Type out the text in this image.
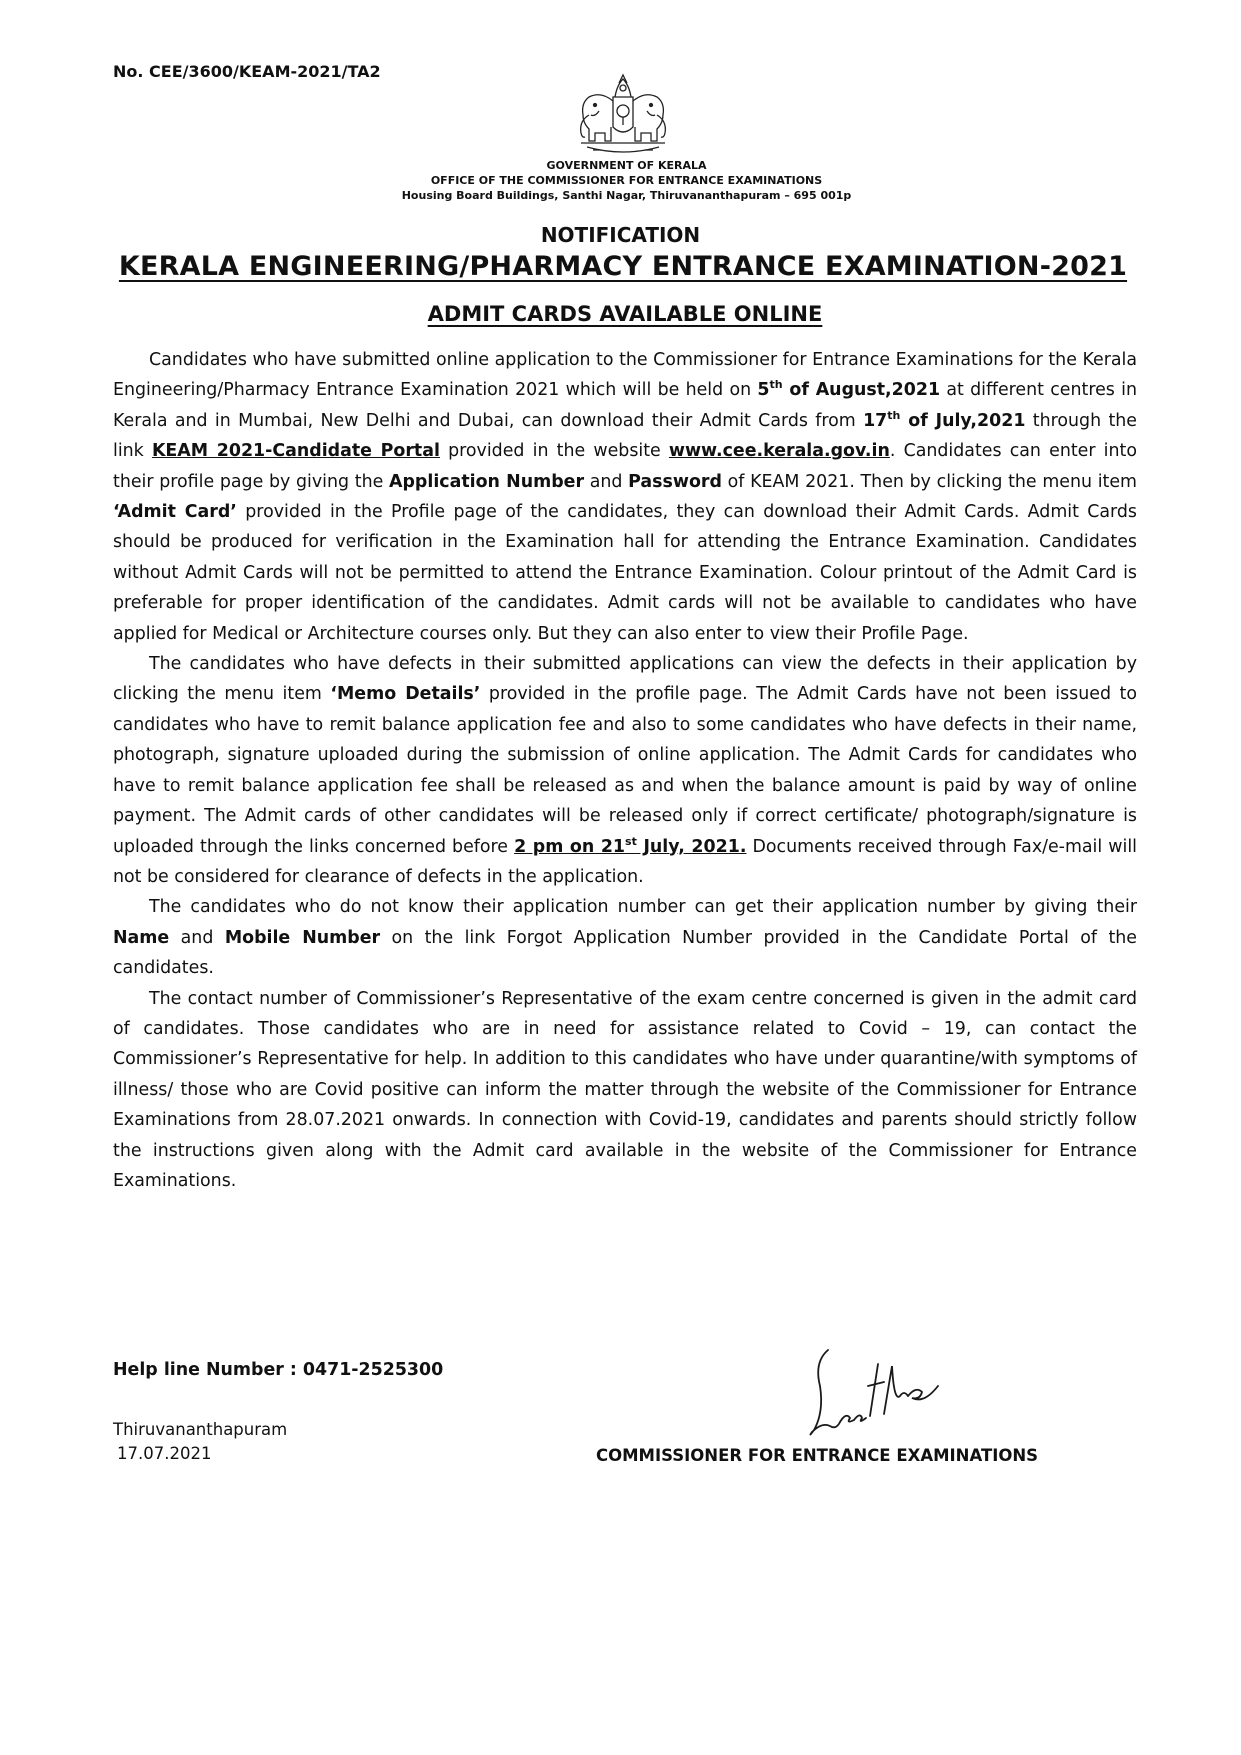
No. CEE/3600/KEAM-2021/TA2
GOVERNMENT OF KERALA
OFFICE OF THE COMMISSIONER FOR ENTRANCE EXAMINATIONS
Housing Board Buildings, Santhi Nagar, Thiruvananthapuram – 695 001p
NOTIFICATION
KERALA ENGINEERING/PHARMACY ENTRANCE EXAMINATION-2021
ADMIT CARDS AVAILABLE ONLINE

Candidates who have submitted online application to the Commissioner for Entrance Examinations for the Kerala Engineering/Pharmacy Entrance Examination 2021 which will be held on 5th of August,2021 at different centres in Kerala and in Mumbai, New Delhi and Dubai, can download their Admit Cards from 17th of July,2021 through the link KEAM 2021-Candidate Portal provided in the website www.cee.kerala.gov.in. Candidates can enter into their profile page by giving the Application Number and Password of KEAM 2021. Then by clicking the menu item ‘Admit Card’ provided in the Profile page of the candidates, they can download their Admit Cards. Admit Cards should be produced for verification in the Examination hall for attending the Entrance Examination. Candidates without Admit Cards will not be permitted to attend the Entrance Examination. Colour printout of the Admit Card is preferable for proper identification of the candidates. Admit cards will not be available to candidates who have applied for Medical or Architecture courses only. But they can also enter to view their Profile Page.

The candidates who have defects in their submitted applications can view the defects in their application by clicking the menu item ‘Memo Details’ provided in the profile page. The Admit Cards have not been issued to candidates who have to remit balance application fee and also to some candidates who have defects in their name, photograph, signature uploaded during the submission of online application. The Admit Cards for candidates who have to remit balance application fee shall be released as and when the balance amount is paid by way of online payment. The Admit cards of other candidates will be released only if correct certificate/ photograph/signature is uploaded through the links concerned before 2 pm on 21st July, 2021. Documents received through Fax/e-mail will not be considered for clearance of defects in the application.

The candidates who do not know their application number can get their application number by giving their Name and Mobile Number on the link Forgot Application Number provided in the Candidate Portal of the candidates.

The contact number of Commissioner’s Representative of the exam centre concerned is given in the admit card of candidates. Those candidates who are in need for assistance related to Covid – 19, can contact the Commissioner’s Representative for help. In addition to this candidates who have under quarantine/with symptoms of illness/ those who are Covid positive can inform the matter through the website of the Commissioner for Entrance Examinations from 28.07.2021 onwards. In connection with Covid-19, candidates and parents should strictly follow the instructions given along with the Admit card available in the website of the Commissioner for Entrance Examinations.

Help line Number : 0471-2525300
Thiruvananthapuram
17.07.2021	COMMISSIONER FOR ENTRANCE EXAMINATIONS
